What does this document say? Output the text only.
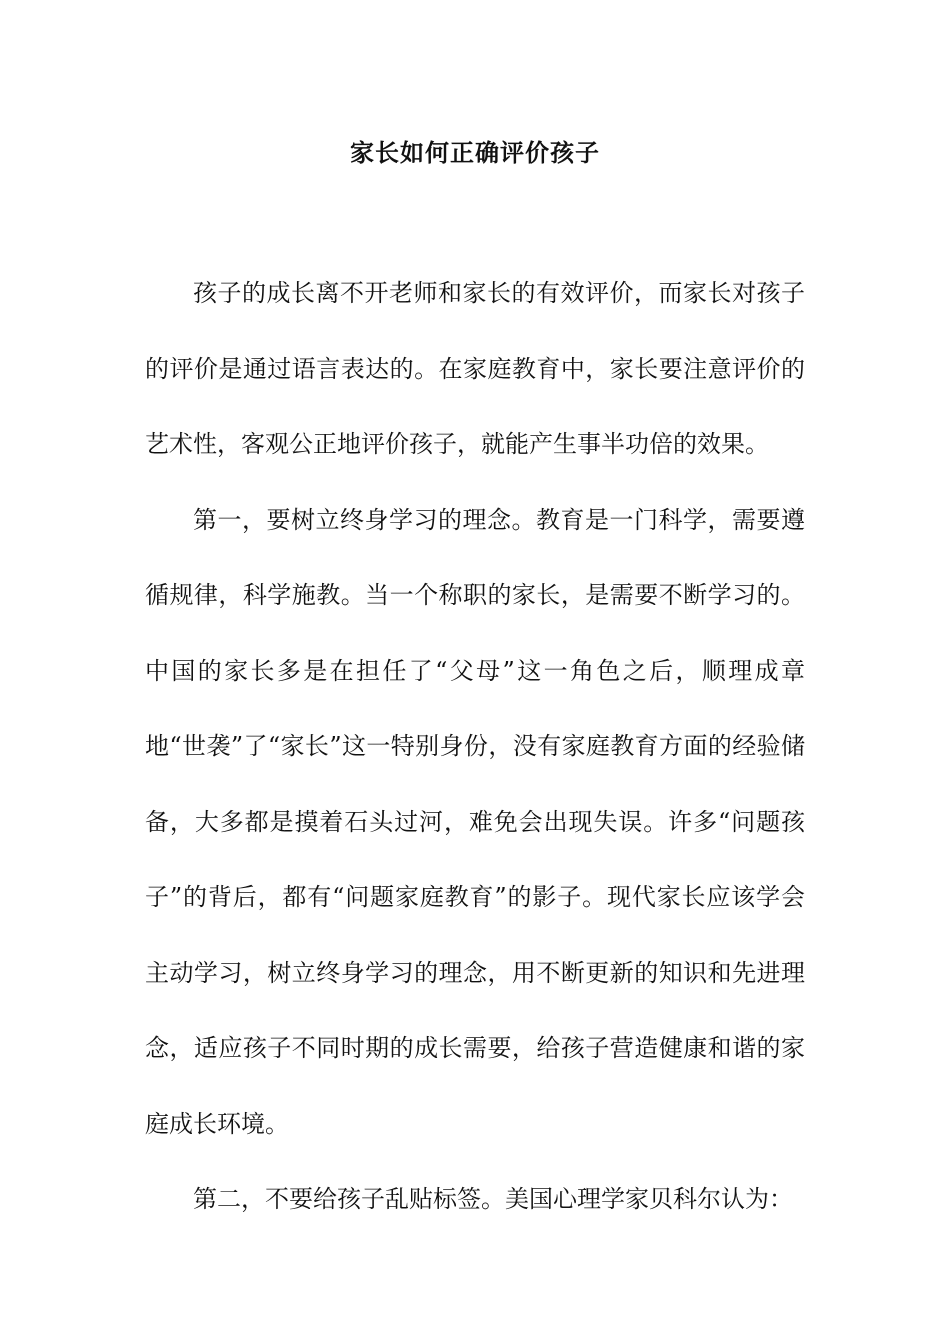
家长如何正确评价孩子

孩子的成长离不开老师和家长的有效评价，而家长对孩子的评价是通过语言表达的。在家庭教育中，家长要注意评价的艺术性，客观公正地评价孩子，就能产生事半功倍的效果。

第一，要树立终身学习的理念。教育是一门科学，需要遵循规律，科学施教。当一个称职的家长，是需要不断学习的。中国的家长多是在担任了“父母”这一角色之后，顺理成章地“世袭”了“家长”这一特别身份，没有家庭教育方面的经验储备，大多都是摸着石头过河，难免会出现失误。许多“问题孩子”的背后，都有“问题家庭教育”的影子。现代家长应该学会主动学习，树立终身学习的理念，用不断更新的知识和先进理念，适应孩子不同时期的成长需要，给孩子营造健康和谐的家庭成长环境。

第二，不要给孩子乱贴标签。美国心理学家贝科尔认为：
